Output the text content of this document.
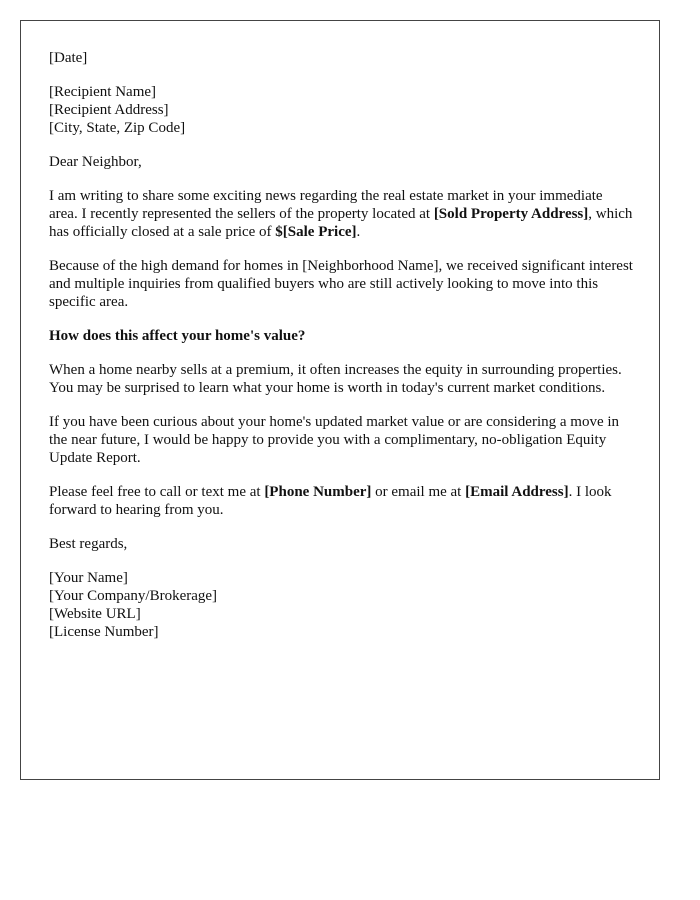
[Date]

[Recipient Name]

[Recipient Address]

[City, State, Zip Code]

Dear Neighbor,

I am writing to share some exciting news regarding the real estate market in your immediate area. I recently represented the sellers of the property located at [Sold Property Address], which has officially closed at a sale price of $[Sale Price].

Because of the high demand for homes in [Neighborhood Name], we received significant interest and multiple inquiries from qualified buyers who are still actively looking to move into this specific area.

How does this affect your home's value?

When a home nearby sells at a premium, it often increases the equity in surrounding properties. You may be surprised to learn what your home is worth in today's current market conditions.

If you have been curious about your home's updated market value or are considering a move in the near future, I would be happy to provide you with a complimentary, no-obligation Equity Update Report.

Please feel free to call or text me at [Phone Number] or email me at [Email Address]. I look forward to hearing from you.

Best regards,

[Your Name]

[Your Company/Brokerage]

[Website URL]

[License Number]
